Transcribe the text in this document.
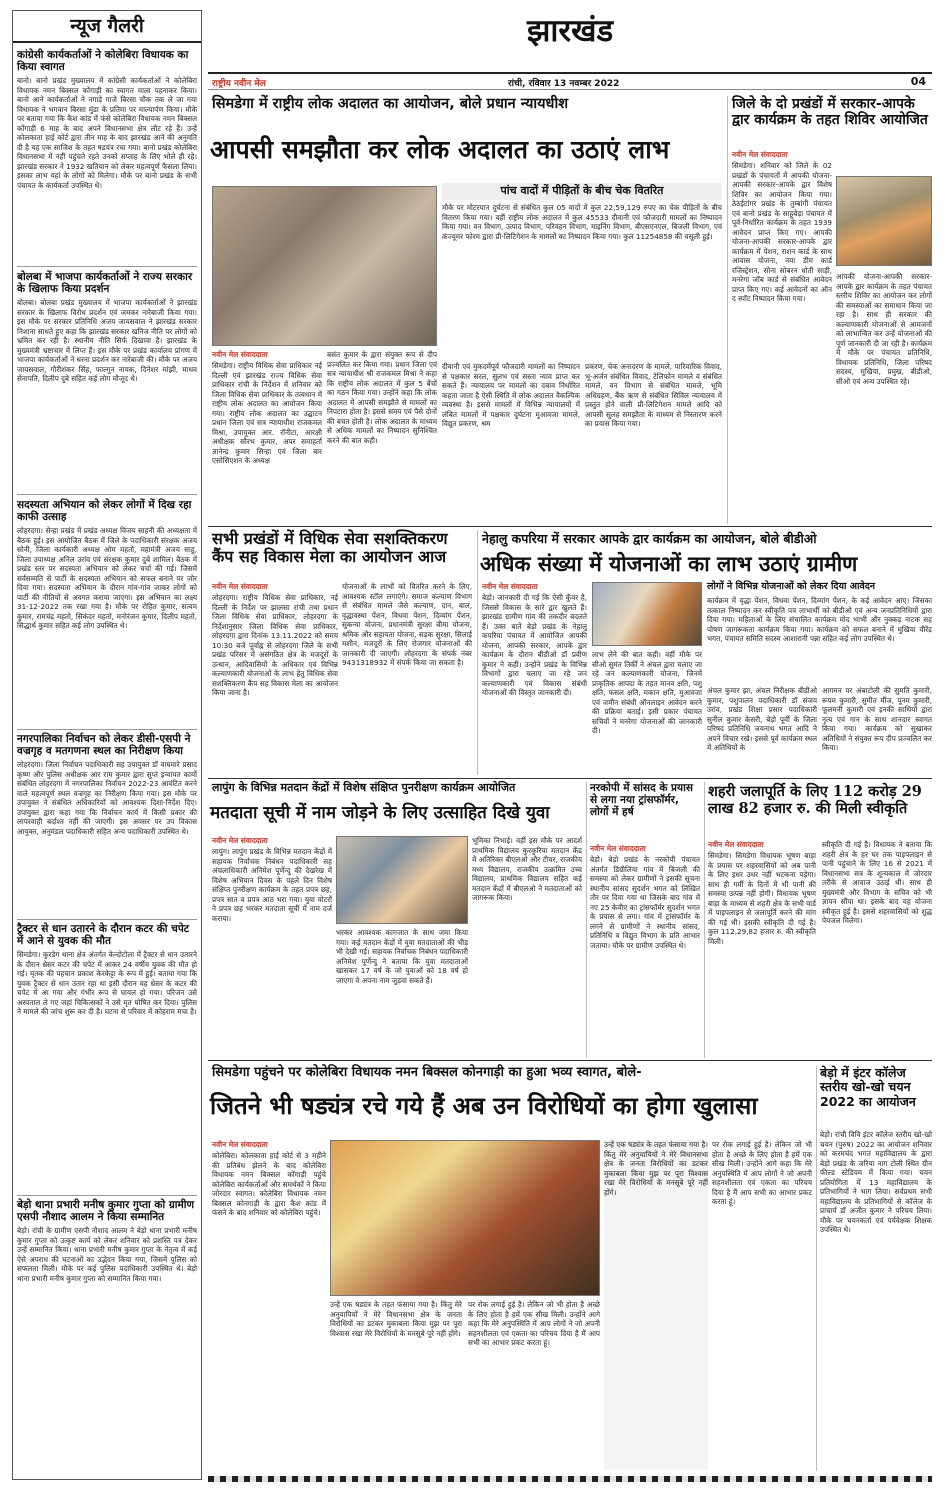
झारखंड
राष्ट्रीय नवीन मेल	रांची, रविवार 13 नवम्बर 2022	04
न्यूज गैलरी
कांग्रेसी कार्यकर्ताओं ने कोलेबिरा विधायक का किया स्वागत
बानो। बानो प्रखंड मुख्यालय में कांग्रेसी कार्यकर्ताओं ने कोलेबिरा विधायक नमन बिक्सल कोंगाड़ी का स्वागत माला पहनाकर किया। बानो आने कार्यकर्ताओं ने नगाड़े गाजे बिरसा चौक तक ले जा गया विधायक ने भगवान बिरसा मुंडा के प्रतिमा पर माल्यार्पण किया। मौके पर बताया गया कि कैश कांड में फंसे कोलेबिरा विधायक नमन बिक्सल कोंगाड़ी 6 माह के बाद अपने विधानसभा क्षेत्र लौट रहे हैं। उन्हें कोलकाता हाई कोर्ट द्वारा तीन माह के बाद झारखंड आने की अनुमति दी है यह एक साजिश के तहत षडयंत्र रचा गया। बानो प्रखंड कोलेबिरा विधानसभा में नहीं पहुंचते रहते उनको सप्ताह के लिए भोले ही रहे। झारखंड सरकार ने 1932 खतियान को लेकर महत्वपूर्ण फैसला लिया। इसका लाभ यहां के लोगों को मिलेगा। मौके पर बानो प्रखंड के सभी पंचायत के कार्यकर्ता उपस्थित थे।
बोलबा में भाजपा कार्यकर्ताओं ने राज्य सरकार के खिलाफ किया प्रदर्शन
बोलबा। बोलबा प्रखंड मुख्यालय में भाजपा कार्यकर्ताओं ने झारखंड सरकार के खिलाफ विरोध प्रदर्शन एवं जमकर नारेबाजी किया गया। इस मौके पर सरकार प्रतिनिधि अजय जायसवाल ने झारखंड सरकार निशाना साधते हुए कहा कि झारखंड सरकार खनिज नीति पर लोगों को भ्रमित कर रही है। स्थानीय नीति सिर्फ दिखावा है। झारखंड के मुख्यमंत्री भ्रष्टाचार में लिप्त हैं। इस मौके पर प्रखंड कार्यालय प्रांगण में भाजपा कार्यकर्ताओं ने धरना प्रदर्शन कर नारेबाजी की। मौके पर अजय जायसवाल, गौरीशंकर सिंह, फाल्गुन नायक, दिनेशर मांझी, माधव सेनापति, दिलीप दुबे सहित कई लोग मौजूद थे।
सदस्यता अभियान को लेकर लोगों में दिख रहा काफी उत्साह
लोहरदगा। सेन्हा प्रखंड में प्रखंड अध्यक्ष विजय साहनी की अध्यक्षता में बैठक हुई। इस आयोजित बैठक में जिले के पदाधिकारी संरक्षक अजय सोनी, जिला कार्यकारी अध्यक्ष ओम महतो, महामंत्री अजय साहु, जिला उपाध्यक्ष अनिल उरांव एवं संरक्षक कुमार दुबे शामिल। बैठक में प्रखंड स्तर पर सदस्यता अभियान को लेकर चर्चा की गई। जिसमें सर्वसम्मति से पार्टी के सदस्यता अभियान को सफल बनाने पर जोर दिया गया। सदस्यता अभियान के दौरान गांव-गांव जाकर लोगों को पार्टी की नीतियों से अवगत कराया जाएगा। इस अभियान का लक्ष्य 31-12-2022 तक रखा गया है। मौके पर रोहित कुमार, सत्यम कुमार, रामचंद्र महतो, सिकंदर महतो, मनोरंजन कुमार, दिलीप महतो, सिद्धार्थ कुमार सहित कई लोग उपस्थित थे।
नगरपालिका निर्वाचन को लेकर डीसी-एसपी ने वज्रगृह व मतगणना स्थल का निरीक्षण किया
लोहरदगा। जिला निर्वाचन पदाधिकारी सह उपायुक्त डॉ वाघमारे प्रसाद कृष्ण और पुलिस अधीक्षक आर राम कुमार द्वारा सुप्तं इन्वायत कार्यो संबंधित लोहरदगा में नगरपालिका निर्वाचन 2022-23 आवंटित करने वाले महत्वपूर्ण स्थल वज्रगृह का निरीक्षण किया गया। इस मौके पर उपायुक्त ने संबंधित अधिकारियों को आवश्यक दिशा-निर्देश दिए। उपायुक्त द्वारा कहा गया कि निर्वाचन कार्य में किसी प्रकार की लापरवाही बर्दाश्त नहीं की जाएगी। इस अवसर पर उप विकास आयुक्त, अनुमंडल पदाधिकारी सहित अन्य पदाधिकारी उपस्थित थे।
ट्रैक्टर से धान उतारने के दौरान कटर की चपेट में आने से युवक की मौत
सिमडेगा। कुरडेग थाना क्षेत्र अंतर्गत केन्दोटोला में ट्रैक्टर से धान उतारने के दौरान थ्रेसर कटर की चपेट में आकर 24 वर्षीय युवक की मौत हो गई। मृतक की पहचान प्रकाश केरकेट्टा के रूप में हुई। बताया गया कि युवक ट्रैक्टर से धान उतार रहा था इसी दौरान वह थ्रेसर के कटर की चपेट में आ गया और गंभीर रूप से घायल हो गया। परिजन उसे अस्पताल ले गए जहां चिकित्सकों ने उसे मृत घोषित कर दिया। पुलिस ने मामले की जांच शुरू कर दी है। घटना से परिवार में कोहराम मचा है।
बेड़ो थाना प्रभारी मनीष कुमार गुप्ता को ग्रामीण एसपी नौशाद आलम ने किया सम्मानित
बेड़ो। रांची के ग्रामीण एसपी नौशाद आलम ने बेड़ो थाना प्रभारी मनीष कुमार गुप्ता को उत्कृष्ट कार्य को लेकर शनिवार को प्रशस्ति पत्र देकर उन्हें सम्मानित किया। थाना प्रभारी मनीष कुमार गुप्ता के नेतृत्व में कई ऐसे अपराध की घटनाओं का उद्भेदन किया गया, जिसमें पुलिस को सफलता मिली। मौके पर कई पुलिस पदाधिकारी उपस्थित थे। बेड़ो थाना प्रभारी मनीष कुमार गुप्ता को सम्मानित किया गया।
सिमडेगा में राष्ट्रीय लोक अदालत का आयोजन, बोले प्रधान न्यायधीश
आपसी समझौता कर लोक अदालत का उठाएं लाभ
पांच वादों में पीड़ितों के बीच चेक वितरित
मौके पर मोटरयान दुर्घटना से संबंधित कुल 05 वादों में कुल 22,59,129 रुपए का चेक पीड़ितों के बीच वितरण किया गया। वहीं राष्ट्रीय लोक अदालत में कुल 45533 दीवानी एवं फौजदारी मामलों का निष्पादन किया गया। वन विभाग, उत्पाद विभाग, परिवहन विभाग, माइनिंग विभाग, बीएसएनएल, बिजली विभाग, एवं कंज्यूमर फोरम द्वारा प्री-लिटिगेशन के मामलों का निष्पादन किया गया। कुल 11254858 की वसूली हुई।
नवीन मेल संवाददाता
सिमडेगा। राष्ट्रीय विधिक सेवा प्राधिकार नई दिल्ली एवं झारखंड राज्य विधिक सेवा प्राधिकार रांची के निर्देशन में शनिवार को जिला विधिक सेवा प्राधिकार के तत्वधान में राष्ट्रीय लोक अदालत का आयोजन किया गया। राष्ट्रीय लोक अदालत का उद्घाटन प्रधान जिला एवं सत्र न्यायाधीश राजकमल मिश्रा, उपायुक्त आर. रॉनीटा, आरक्षी अधीक्षक सौरभ कुमार, अपर समाहर्ता ज्ञानेन्द्र कुमार सिन्हा एवं जिला बार एसोसिएशन के अध्यक्ष
बसंत कुमार के द्वारा संयुक्त रूप से दीप प्रज्वलित कर किया गया। प्रधान जिला एवं सत्र न्यायाधीश श्री राजकमल मिश्रा ने कहा कि राष्ट्रीय लोक अदालत में कुल 5 बेंचों का गठन किया गया। उन्होंने कहा कि लोक अदालत में आपसी समझौते से मामलों का निपटारा होता है। इससे समय एवं पैसे दोनों की बचत होती है। लोक अदालत के माध्यम से अधिक मामलों का निष्पादन सुनिश्चित करने की बात कही।
दीवानी एवं मुकदमेंपूर्व फौजदारी मामलों का निष्पादन से पक्षकार सरल, सुलभ एवं सस्ता न्याय प्राप्त कर सकते हैं। न्यायालय पर मामलों का दबाव निर्धारित कहता जाता है ऐसी स्थिति में लोक अदालत वैकल्पिक व्यवस्था है। इससे मामलों में विभिन्न न्यायालयों में लंबित मामलों में पक्षकार दुर्घटना मुआवजा मामले, विद्युत प्रकरण, श्रम
प्रकरण, चेक अनादरण के मामले, पारिवारिक विवाद, भू-अर्जन संबंधित विवाद, टेलिफोन मामले व संबंधित मामले, वन विभाग से संबंधित मामले, भूमि अधिग्रहण, बैंक ऋण से संबंधित सिविल न्यायालय में प्रस्तुत होने वाली प्री-लिटिगेशन मामले आदि को आपसी सुलह समझौता के माध्यम से निस्तारण करने का प्रयास किया गया।
जिले के दो प्रखंडों में सरकार-आपके द्वार कार्यक्रम के तहत शिविर आयोजित
नवीन मेल संवाददाता
सिमडेगा। शनिवार को जिले के 02 प्रखंडों के पंचायतों में आपकी योजना-आपकी सरकार-आपके द्वार विशेष शिविर का आयोजन किया गया। ठेठईटांगर प्रखंड के तुम्बांगी पंचायत एवं बानो प्रखंड के साहूबेड़ा पंचायत में पूर्व-निर्धारित कार्यक्रम के तहत 1939 आवेदन प्राप्त किए गए। आपकी योजना-आपकी सरकार-आपके द्वार कार्यक्रम में पेंशन, राशन कार्ड के साथ आवास योजना, नया डीम कार्ड रजिस्ट्रेशन, सोना सोबरन धोती साड़ी, मनरेगा जॉब कार्ड से संबंधित आवेदन प्राप्त किए गए। कई आवेदनों का ऑन द स्पॉट निष्पादन किया गया।
आपकी योजना-आपकी सरकार-आपके द्वार कार्यक्रम के तहत पंचायत स्तरीय शिविर का आयोजन कर लोगों की समस्याओं का समाधान किया जा रहा है। साथ ही सरकार की कल्याणकारी योजनाओं से आमजनों को लाभान्वित कर उन्हें योजनाओं की पूर्ण जानकारी दी जा रही है। कार्यक्रम में मौके पर पंचायत प्रतिनिधि, विधायक प्रतिनिधि, जिला परिषद सदस्य, मुखिया, प्रमुख, बीडीओ, सीओ एवं अन्य उपस्थित रहे।
सभी प्रखंडों में विधिक सेवा सशक्तिकरण कैंप सह विकास मेला का आयोजन आज
नवीन मेल संवाददाता
लोहरदगा। राष्ट्रीय विधिक सेवा प्राधिकार, नई दिल्ली के निर्देश पर झालसा रांची तथा प्रधान जिला विधिक सेवा प्राधिकार, लोहरदगा के निर्देशानुसार जिला विधिक सेवा प्राधिकार, लोहरदगा द्वारा दिनांक 13.11.2022 को समय 10:30 बजे पूर्वाह्न से लोहरदगा जिले के सभी प्रखंड परिसर में असंगठित क्षेत्र के मजदूरों के उत्थान, आदिवासियों के अधिकार एवं विभिन्न कल्याणकारी योजनाओं के लाभ हेतु विधिक सेवा सशक्तिकरण कैंप सह विकास मेला का आयोजन किया जाना है।
योजनाओं के लाभों को वितरित करने के लिए, आवश्यक स्टॉल लगाएंगे। समाज कल्याण विभाग से संबंधित मामले जैसे कल्याण, दान, बाल, वृद्धावस्था पेंशन, विधवा पेंशन, दिव्यांग पेंशन, सुकन्या योजना, प्रधानमंत्री सुरक्षा बीमा योजना, श्रमिक और सहायता योजना, सड़क सुरक्षा, सिलाई मशीन, मजदूरों के लिए रोजगार योजनाओं की जानकारी दी जाएगी। लोहरदगा के संपर्क नंबर 9431318932 में संपर्क किया जा सकता है।
नेहालु कपरिया में सरकार आपके द्वार कार्यक्रम का आयोजन, बोले बीडीओ
अधिक संख्या में योजनाओं का लाभ उठाएं ग्रामीण
नवीन मेल संवाददाता
बेड़ो। जानकारी दी गई कि ऐसी कुँवर है, जिससे विकास के सारे द्वार खुलते हैं। झारखंड ग्रामीण गांव की तकदीर बदलते हैं। उक्त बातें बेड़ो प्रखंड के नेहालु कपरिया पंचायत में आयोजित आपकी योजना, आपकी सरकार, आपके द्वार कार्यक्रम के दौरान बीडीओ डॉ प्रवीण कुमार ने कही। उन्होंने प्रखंड के विभिन्न विभागों द्वारा चलाए जा रहे जन कल्याणकारी एवं विकास संबंधी योजनाओं की विस्तृत जानकारी दी।
लाभ लेने की बात कही। वहीं मौके पर सीओ सुमंत तिर्की ने अंचल द्वारा चलाए जा रहे जन कल्याणकारी योजना, जिनमें प्राकृतिक आपदा के तहत मानव क्षति, पशु क्षति, फसल क्षति, मकान क्षति, मुआवजा एवं जमीन संबंधी ऑनलाइन आवेदन करने की प्रक्रिया बताई। इसी प्रकार पंचायत सचिवों ने मनरेगा योजनाओं की जानकारी दी।
लोगों ने विभिन्न योजनाओं को लेकर दिया आवेदन
कार्यक्रम में वृद्धा पेंशन, विधवा पेंशन, दिव्यांग पेंशन, के कई आवेदन आए। जिसका तत्काल निष्पादन कर स्वीकृति पत्र लाभार्थी को बीडीओ एवं अन्य जनप्रतिनिधियों द्वारा दिया गया। महिलाओं के लिए संचालित कार्यक्रम मोद भाभी और नुक्कड़ नाटक सह पोषण जागरूकता कार्यक्रम किया गया। कार्यक्रम को सफल बनाने में मुखिया वीरेंद्र भगत, पंचायत समिति सदस्य आशारानी पन्ना सहित कई लोग उपस्थित थे।
अंचल कुमार झा, अंचल निरीक्षक बीडीओ कुमार, पशुपालन पदाधिकारी डॉ संजय उरांव, प्रखंड शिक्षा प्रसार पदाधिकारी सुनील कुमार केसरी, बेड़ो पूर्वी के जिला परिषद प्रतिनिधि जयनाथ भगत आदि ने अपने विचार रखे। इससे पूर्व कार्यक्रम स्थल में अतिथियों के
आगमन पर अंबाटोली की सुमति कुमारी, रूपम कुमारी, सुमीत मींज, पूनम कुमारी, फूलमनी कुमारी एवं इनकी साथियों द्वारा नृत्य एवं गान के साथ शानदार स्वागत किया गया। कार्यक्रम को सुखाकर अतिथियों ने संयुक्त रूप दीप प्रज्वलित कर किया।
लापुंग के विभिन्न मतदान केंद्रों में विशेष संक्षिप्त पुनरीक्षण कार्यक्रम आयोजित
मतदाता सूची में नाम जोड़ने के लिए उत्साहित दिखे युवा
नवीन मेल संवाददाता
लापुंग। लापुंग प्रखंड के विभिन्न मतदान केंद्रों में सहायक निर्वाचक निबंधन पदाधिकारी सह अंचलाधिकारी अनिमेश पूर्णेन्दु की देखरेख में विशेष अभियान दिवस के पहले दिन विशेष संक्षिप्त पुनरीक्षण कार्यक्रम के तहत प्रपत्र छह, प्रपत्र सात व प्रपत्र आठ भरा गया। युवा वोटरों ने प्रपत्र छह भरकर मतदाता सूची में नाम दर्ज कराया।
भरकर आवश्यक कागजात के साथ जमा किया गया। कई मतदान केंद्रों में युवा मतदाताओं की भीड़ भी देखी गई। सहायक निर्वाचक निबंधन पदाधिकारी अनिमेश पूर्णेन्दु ने बताया कि युवा मतदाताओं खासकर 17 वर्ष के जो युवाओं को 18 वर्ष हो जाएगा वे अपना नाम जुड़वा सकते हैं।
भूमिका निभाई। वहीं इस मौके पर आदर्श प्राथमिक विद्यालय कुरकुरिया मतदान केंद्र में अतिरिक्त बीएलओ और टीचर, राजकीय मध्य विद्यालय, राजकीय उत्क्रमित उच्च विद्यालय, प्राथमिक विद्यालय सहित कई मतदान केंद्रों में बीएलओ ने मतदाताओं को जागरूक किया।
नरकोपी में सांसद के प्रयास से लगा नया ट्रांसफॉर्मर, लोगों में हर्ष
नवीन मेल संवाददाता
बेड़ो। बेड़ो प्रखंड के नरकोपी पंचायत अंतर्गत डिग्रीलिया गांव में बिजली की समस्या को लेकर ग्रामीणों ने इसकी सूचना स्थानीय सांसद सुदर्शन भगत को लिखित तौर पर दिया गया था जिसके बाद गांव में नए 25 केवीए का ट्रांसफॉर्मर सुदर्शन भगत के प्रयास से लगा। गांव में ट्रांसफॉर्मर के लगने से ग्रामीणों ने स्थानीय सांसद, प्रतिनिधि व विद्युत विभाग के प्रति आभार जताया। मौके पर ग्रामीण उपस्थित थे।
शहरी जलापूर्ति के लिए 112 करोड़ 29 लाख 82 हजार रु. की मिली स्वीकृति
नवीन मेल संवाददाता
सिमडेगा। सिमडेगा विधायक भूषण बाड़ा के प्रयास पर शहरवासियों को अब पानी के लिए इधर उधर नहीं भटकना पड़ेगा। साथ ही गर्मी के दिनों में भी पानी की समस्या उत्पन्न नहीं होगी। विधायक भूषण बाड़ा के माध्यम से शहरी क्षेत्र के सभी वार्ड में पाइपलाइन से जलापूर्ति करने की मांग की गई थी। इसकी स्वीकृति दी गई है। कुल 112,29,82 हजार रु. की स्वीकृति मिली।
स्वीकृति दी गई है। विधायक ने बताया कि शहरी क्षेत्र के हर घर तक पाइपलाइन से पानी पहुंचाने के लिए 16 से 2021 में विधानसभा सत्र के शून्यकाल में जोरदार तरीके से आवाज उठाई थी। साथ ही मुख्यमंत्री और विभाग के सचिव को भी ज्ञापन सौंपा था। इसके बाद यह योजना स्वीकृत हुई है। इससे शहरवासियों को शुद्ध पेयजल मिलेगा।
सिमडेगा पहुंचने पर कोलेबिरा विधायक नमन बिक्सल कोनगाड़ी का हुआ भव्य स्वागत, बोले-
जितने भी षड्यंत्र रचे गये हैं अब उन विरोधियों का होगा खुलासा
नवीन मेल संवाददाता
कोलेबिरा। कोलकाता हाई कोर्ट से 3 महीने की प्रतिबंध झेलने के बाद कोलेबिरा विधायक नमन बिक्सल कोंगाड़ी पहुंचे कोलेबिरा कार्यकर्ताओं और समर्थकों ने किया जोरदार स्वागत। कोलेबिरा विधायक नमन बिक्सल कोनगाड़ी के द्वारा कैश कांड में फंसने के बाद शनिवार को कोलेबिरा पहुंचे।
उन्हें एक षड्यंत्र के तहत फंसाया गया है। किंतु मेरे अनुयायियों ने मेरे विधानसभा क्षेत्र के जनता विरोधियों का डटकर मुकाबला किया मुझ पर पूरा विश्वास रखा मेरे विरोधियों के मनसूबे पूरे नहीं होंगे।
पर रोक लगाई हुई है। लेकिन जो भी होता है अच्छे के लिए होता है हमें एक सीख मिली। उन्होंने आगे कहा कि मेरे अनुपस्थिति में आप लोगों ने जो अपनी सहनशीलता एवं एकता का परिचय दिया है मैं आप सभी का आभार प्रकट करता हूं।
उन्हें एक षड्यंत्र के तहत फंसाया गया है। किंतु मेरे अनुयायियों ने मेरे विधानसभा क्षेत्र के जनता विरोधियों का डटकर मुकाबला किया मुझ पर पूरा विश्वास रखा मेरे विरोधियों के मनसूबे पूरे नहीं होंगे।
पर रोक लगाई हुई है। लेकिन जो भी होता है अच्छे के लिए होता है हमें एक सीख मिली। उन्होंने आगे कहा कि मेरे अनुपस्थिति में आप लोगों ने जो अपनी सहनशीलता एवं एकता का परिचय दिया है मैं आप सभी का आभार प्रकट करता हूं।
बेड़ो में इंटर कॉलेज स्तरीय खो-खो चयन 2022 का आयोजन
बेड़ो। रांची विवि इंटर कॉलेज स्तरीय खो-खो चयन (पुरुष) 2022 का आयोजन शनिवार को करमचंद भगत महाविद्यालय के द्वारा बेड़ो प्रखंड के जरिया नाग टोली स्थित ग्रीन फील्ड स्टेडियम में किया गया। चयन प्रतियोगिता में 13 महाविद्यालय के प्रतिभागियों ने भाग लिया। सर्वप्रथम सभी महाविद्यालय के प्रतिभागियों से कॉलेज के प्राचार्य डॉ अजीत कुमार ने परिचय लिया। मौके पर चयनकर्ता एवं पर्यवेक्षक शिक्षक उपस्थित थे।
